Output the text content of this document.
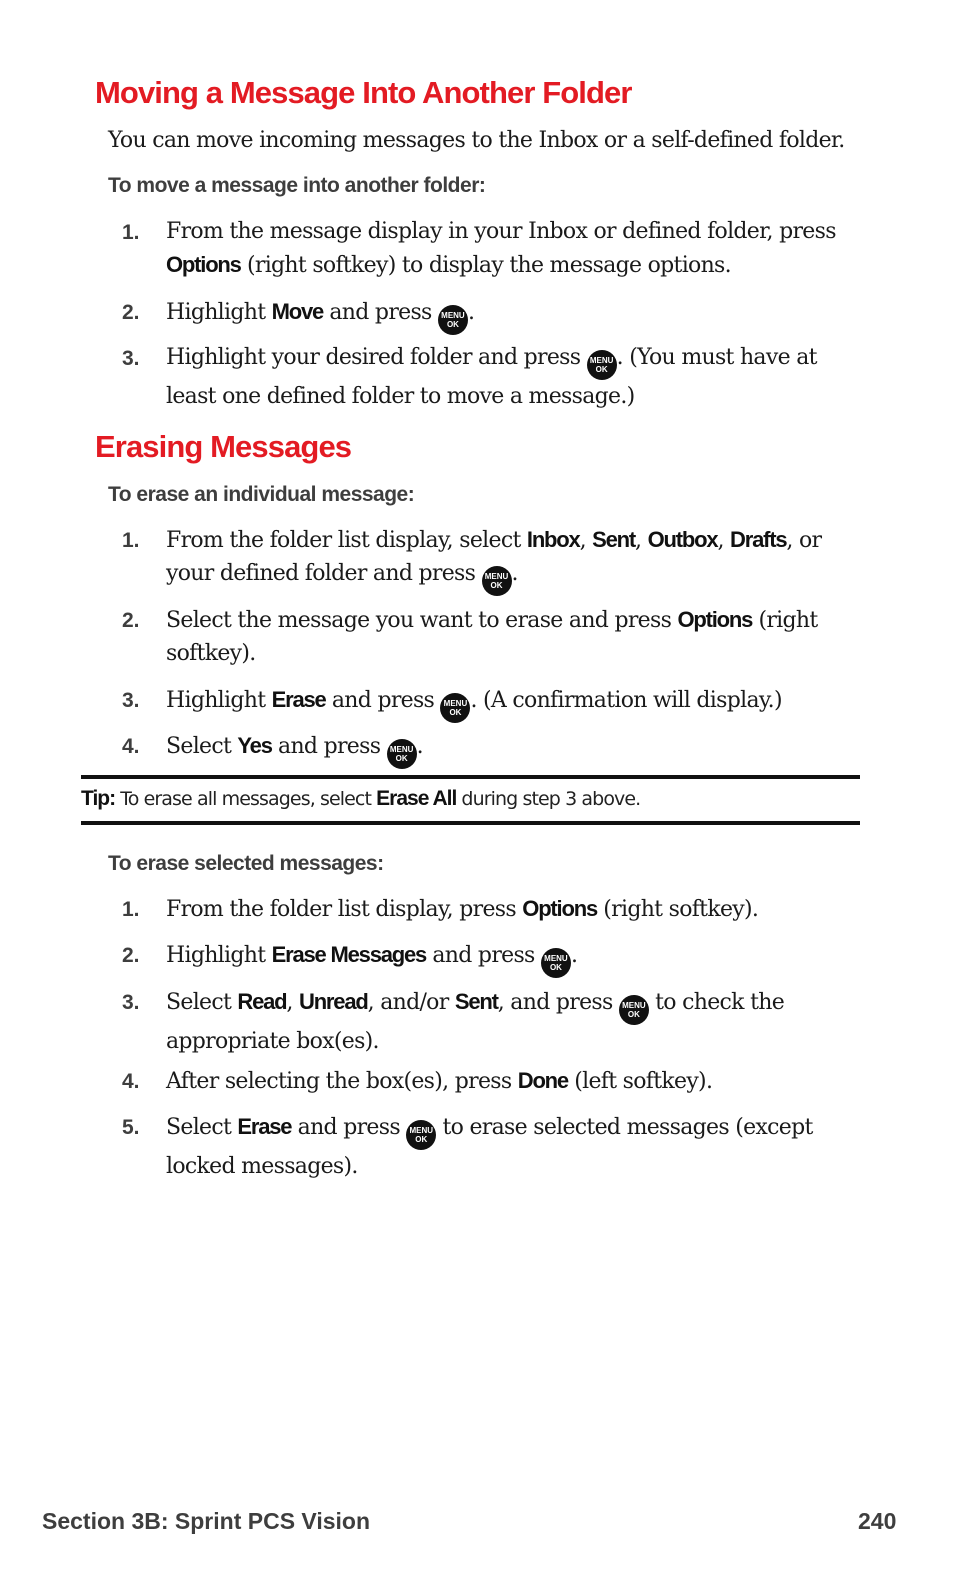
Moving a Message Into Another Folder

You can move incoming messages to the Inbox or a self-defined folder.

To move a message into another folder:

1.	From the message display in your Inbox or defined folder, press
Options (right softkey) to display the message options.
2.	Highlight Move and press MENU
OK .
3.	Highlight your desired folder and press MENU
OK . (You must have at
least one defined folder to move a message.)
Erasing Messages

To erase an individual message:

1.	From the folder list display, select Inbox, Sent, Outbox, Drafts, or
your defined folder and press MENU
OK .
2.	Select the message you want to erase and press Options (right
softkey).
3.	Highlight Erase and press MENU
OK . (A confirmation will display.)
4.	Select Yes and press MENU
OK .
Tip: To erase all messages, select Erase All during step 3 above.

To erase selected messages:

1.	From the folder list display, press Options (right softkey).
2.	Highlight Erase Messages and press MENU
OK .
3.	Select Read, Unread, and/or Sent, and press MENU
OK to check the
appropriate box(es).
4.	After selecting the box(es), press Done (left softkey).
5.	Select Erase and press MENU
OK to erase selected messages (except
locked messages).
Section 3B: Sprint PCS Vision	240
